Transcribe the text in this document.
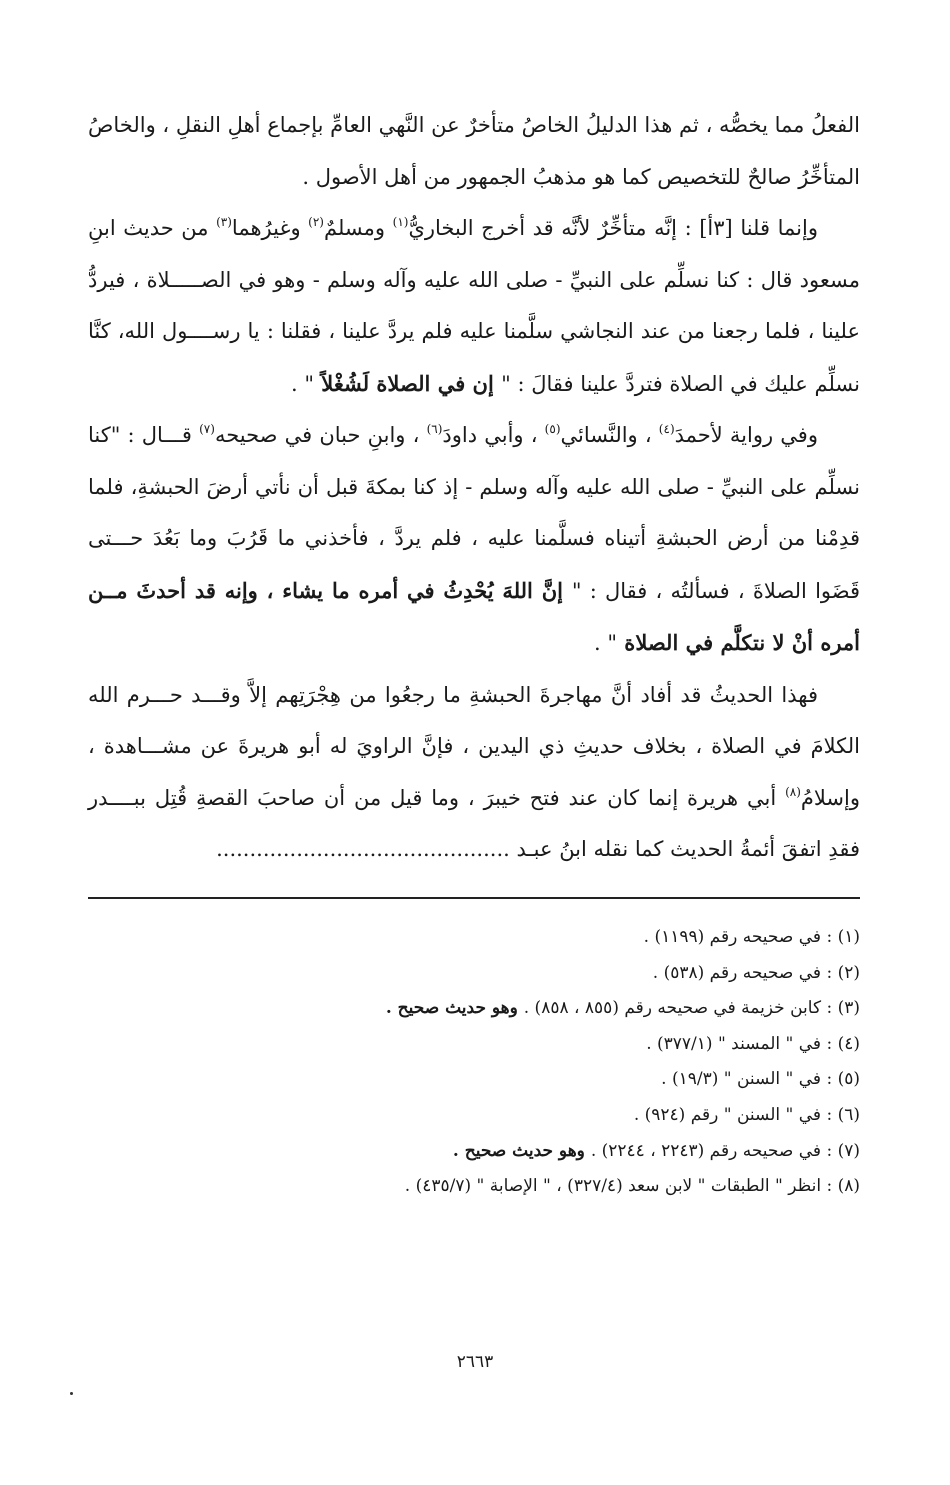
الفعلُ مما يخصُّه ، ثم هذا الدليلُ الخاصُ متأخرٌ عن النَّهي العامِّ بإجماع أهلِ النقلِ ، والخاصُ المتأخِّرُ صالحٌ للتخصيص كما هو مذهبُ الجمهور من أهل الأصول .

وإنما قلنا [٣أ] : إنَّه متأخِّرٌ لأنَّه قد أخرج البخاريُّ$^{(١)}$ ومسلمٌ$^{(٢)}$ وغيرُهما$^{(٣)}$ من حديث ابنِ مسعود قال : كنا نسلِّم على النبيِّ - صلى الله عليه وآله وسلم - وهو في الصـــــلاة ، فيردُّ علينا ، فلما رجعنا من عند النجاشي سلَّمنا عليه فلم يردَّ علينا ، فقلنا : يا رســــول الله، كنَّا نسلِّم عليك في الصلاة فتردَّ علينا فقالَ : " إن في الصلاة لَشُغْلاً " .

وفي رواية لأحمدَ$^{(٤)}$ ، والنَّسائي$^{(٥)}$ ، وأبي داودَ$^{(٦)}$ ، وابنِ حبان في صحيحه$^{(٧)}$ قـــال : "كنا نسلِّم على النبيِّ - صلى الله عليه وآله وسلم - إذ كنا بمكةَ قبل أن نأتي أرضَ الحبشةِ، فلما قدِمْنا من أرض الحبشةِ أتيناه فسلَّمنا عليه ، فلم يردَّ ، فأخذني ما قَرُبَ وما بَعُدَ حـــتى قَضَوا الصلاةَ ، فسألتُه ، فقال : " إنَّ اللهَ يُحْدِثُ في أمره ما يشاء ، وإنه قد أحدثَ مــن أمره أنْ لا نتكلَّم في الصلاة " .

فهذا الحديثُ قد أفاد أنَّ مهاجرةَ الحبشةِ ما رجعُوا من هِجْرَتِهم إلاَّ وقـــد حـــرم الله الكلامَ في الصلاة ، بخلاف حديثِ ذي اليدين ، فإنَّ الراويَ له أبو هريرةَ عن مشـــاهدة ، وإسلامُ$^{(٨)}$ أبي هريرة إنما كان عند فتح خيبرَ ، وما قيل من أن صاحبَ القصةِ قُتِل ببــــدر فقدِ اتفقَ أئمةُ الحديث كما نقله ابنُ عبـد ............................................

(١) : في صحيحه رقم (١١٩٩) .

(٢) : في صحيحه رقم (٥٣٨) .

(٣) : كابن خزيمة في صحيحه رقم (٨٥٥ ، ٨٥٨) . وهو حديث صحيح .

(٤) : في " المسند " (٣٧٧/١) .

(٥) : في " السنن " (١٩/٣) .

(٦) : في " السنن " رقم (٩٢٤) .

(٧) : في صحيحه رقم (٢٢٤٣ ، ٢٢٤٤) . وهو حديث صحيح .

(٨) : انظر " الطبقات " لابن سعد (٣٢٧/٤) ، " الإصابة " (٤٣٥/٧) .

٢٦٦٣
